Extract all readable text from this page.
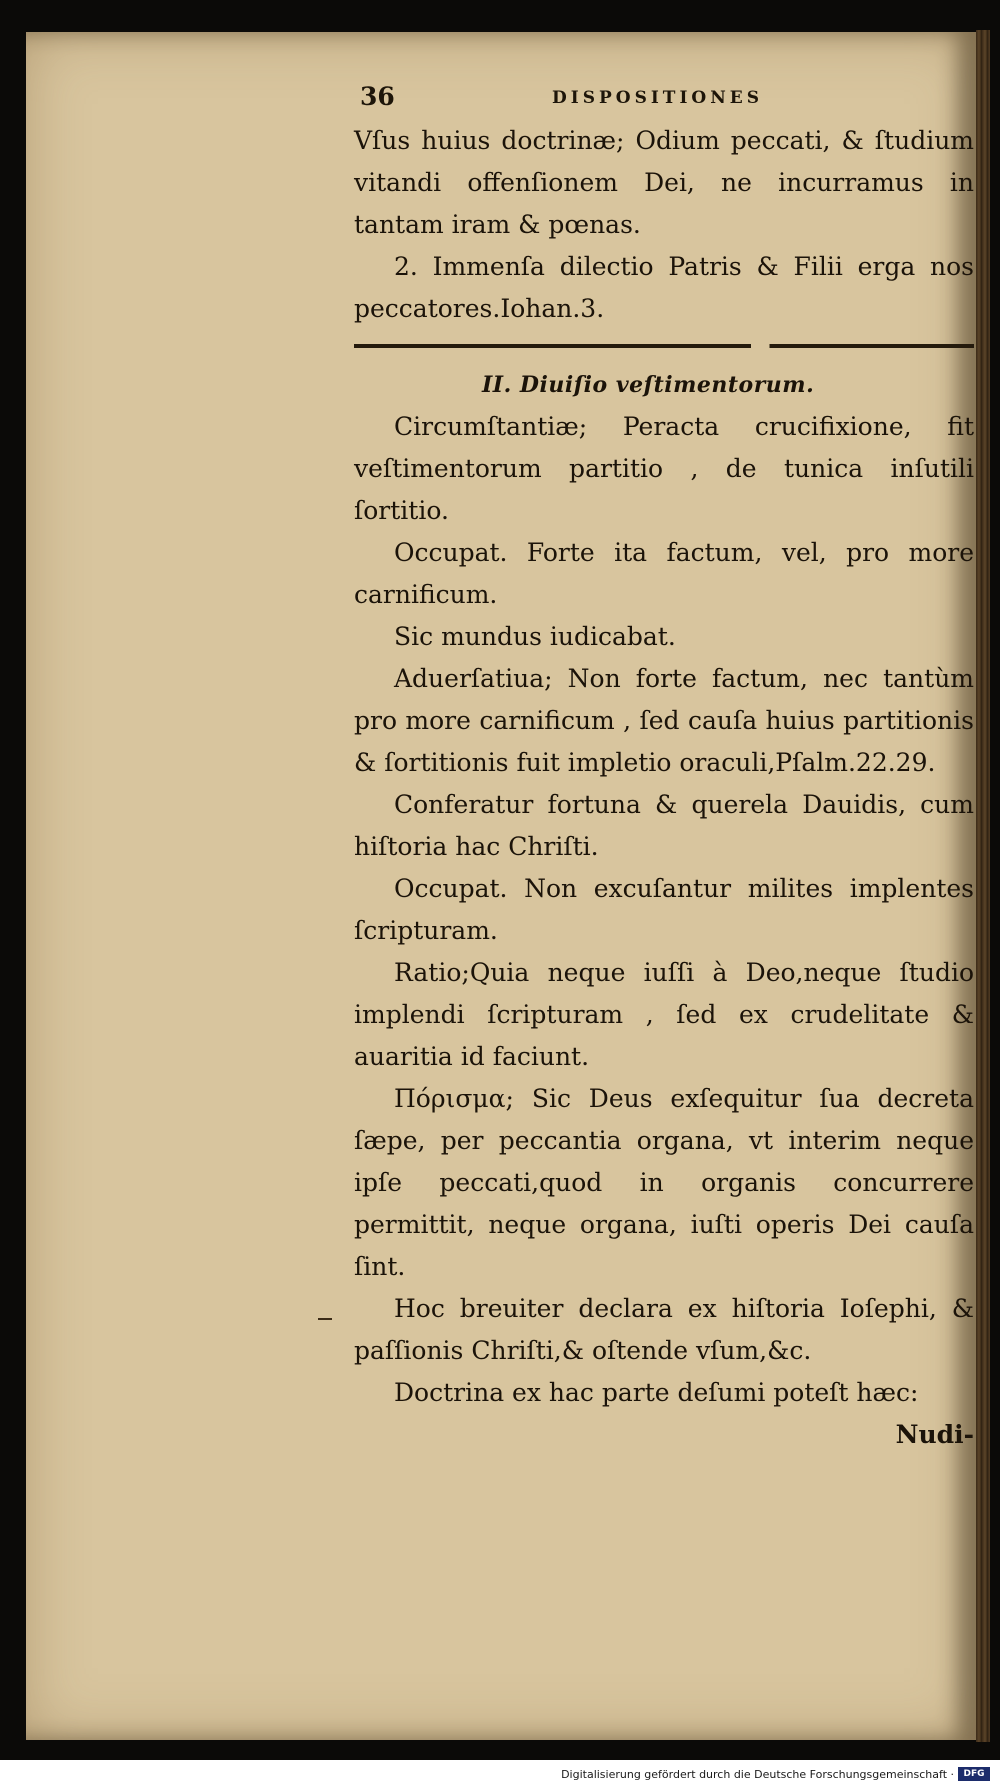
36	DISPOSITIONES

Vſus huius doctrinæ; Odium peccati, & ſtudium vitandi offenſionem Dei, ne incurramus in tantam iram & pœnas.

2. Immenſa dilectio Patris & Filii erga nos peccatores.Iohan.3.

II. Diuiſio veſtimentorum.

Circumſtantiæ; Peracta crucifixione, fit veſtimentorum partitio , de tunica inſutili ſortitio.

Occupat. Forte ita factum, vel, pro more carnificum.

Sic mundus iudicabat.

Aduerſatiua; Non forte factum, nec tantùm pro more carnificum , ſed cauſa huius partitionis & ſortitionis fuit impletio oraculi,Pſalm.22.29.

Conferatur fortuna & querela Dauidis, cum hiſtoria hac Chriſti.

Occupat. Non excuſantur milites implentes ſcripturam.

Ratio;Quia neque iuſſi à Deo,neque ſtudio implendi ſcripturam , ſed ex crudelitate & auaritia id faciunt.

Πόρισμα; Sic Deus exſequitur ſua decreta ſæpe, per peccantia organa, vt interim neque ipſe peccati,quod in organis concurrere permittit, neque organa, iuſti operis Dei cauſa ſint.

Hoc breuiter declara ex hiſtoria Ioſephi, & paſſionis Chriſti,& oſtende vſum,&c.

Doctrina ex hac parte deſumi poteſt hæc:

Nudi-

Digitalisierung gefördert durch die Deutsche Forschungsgemeinschaft ·	DFG
